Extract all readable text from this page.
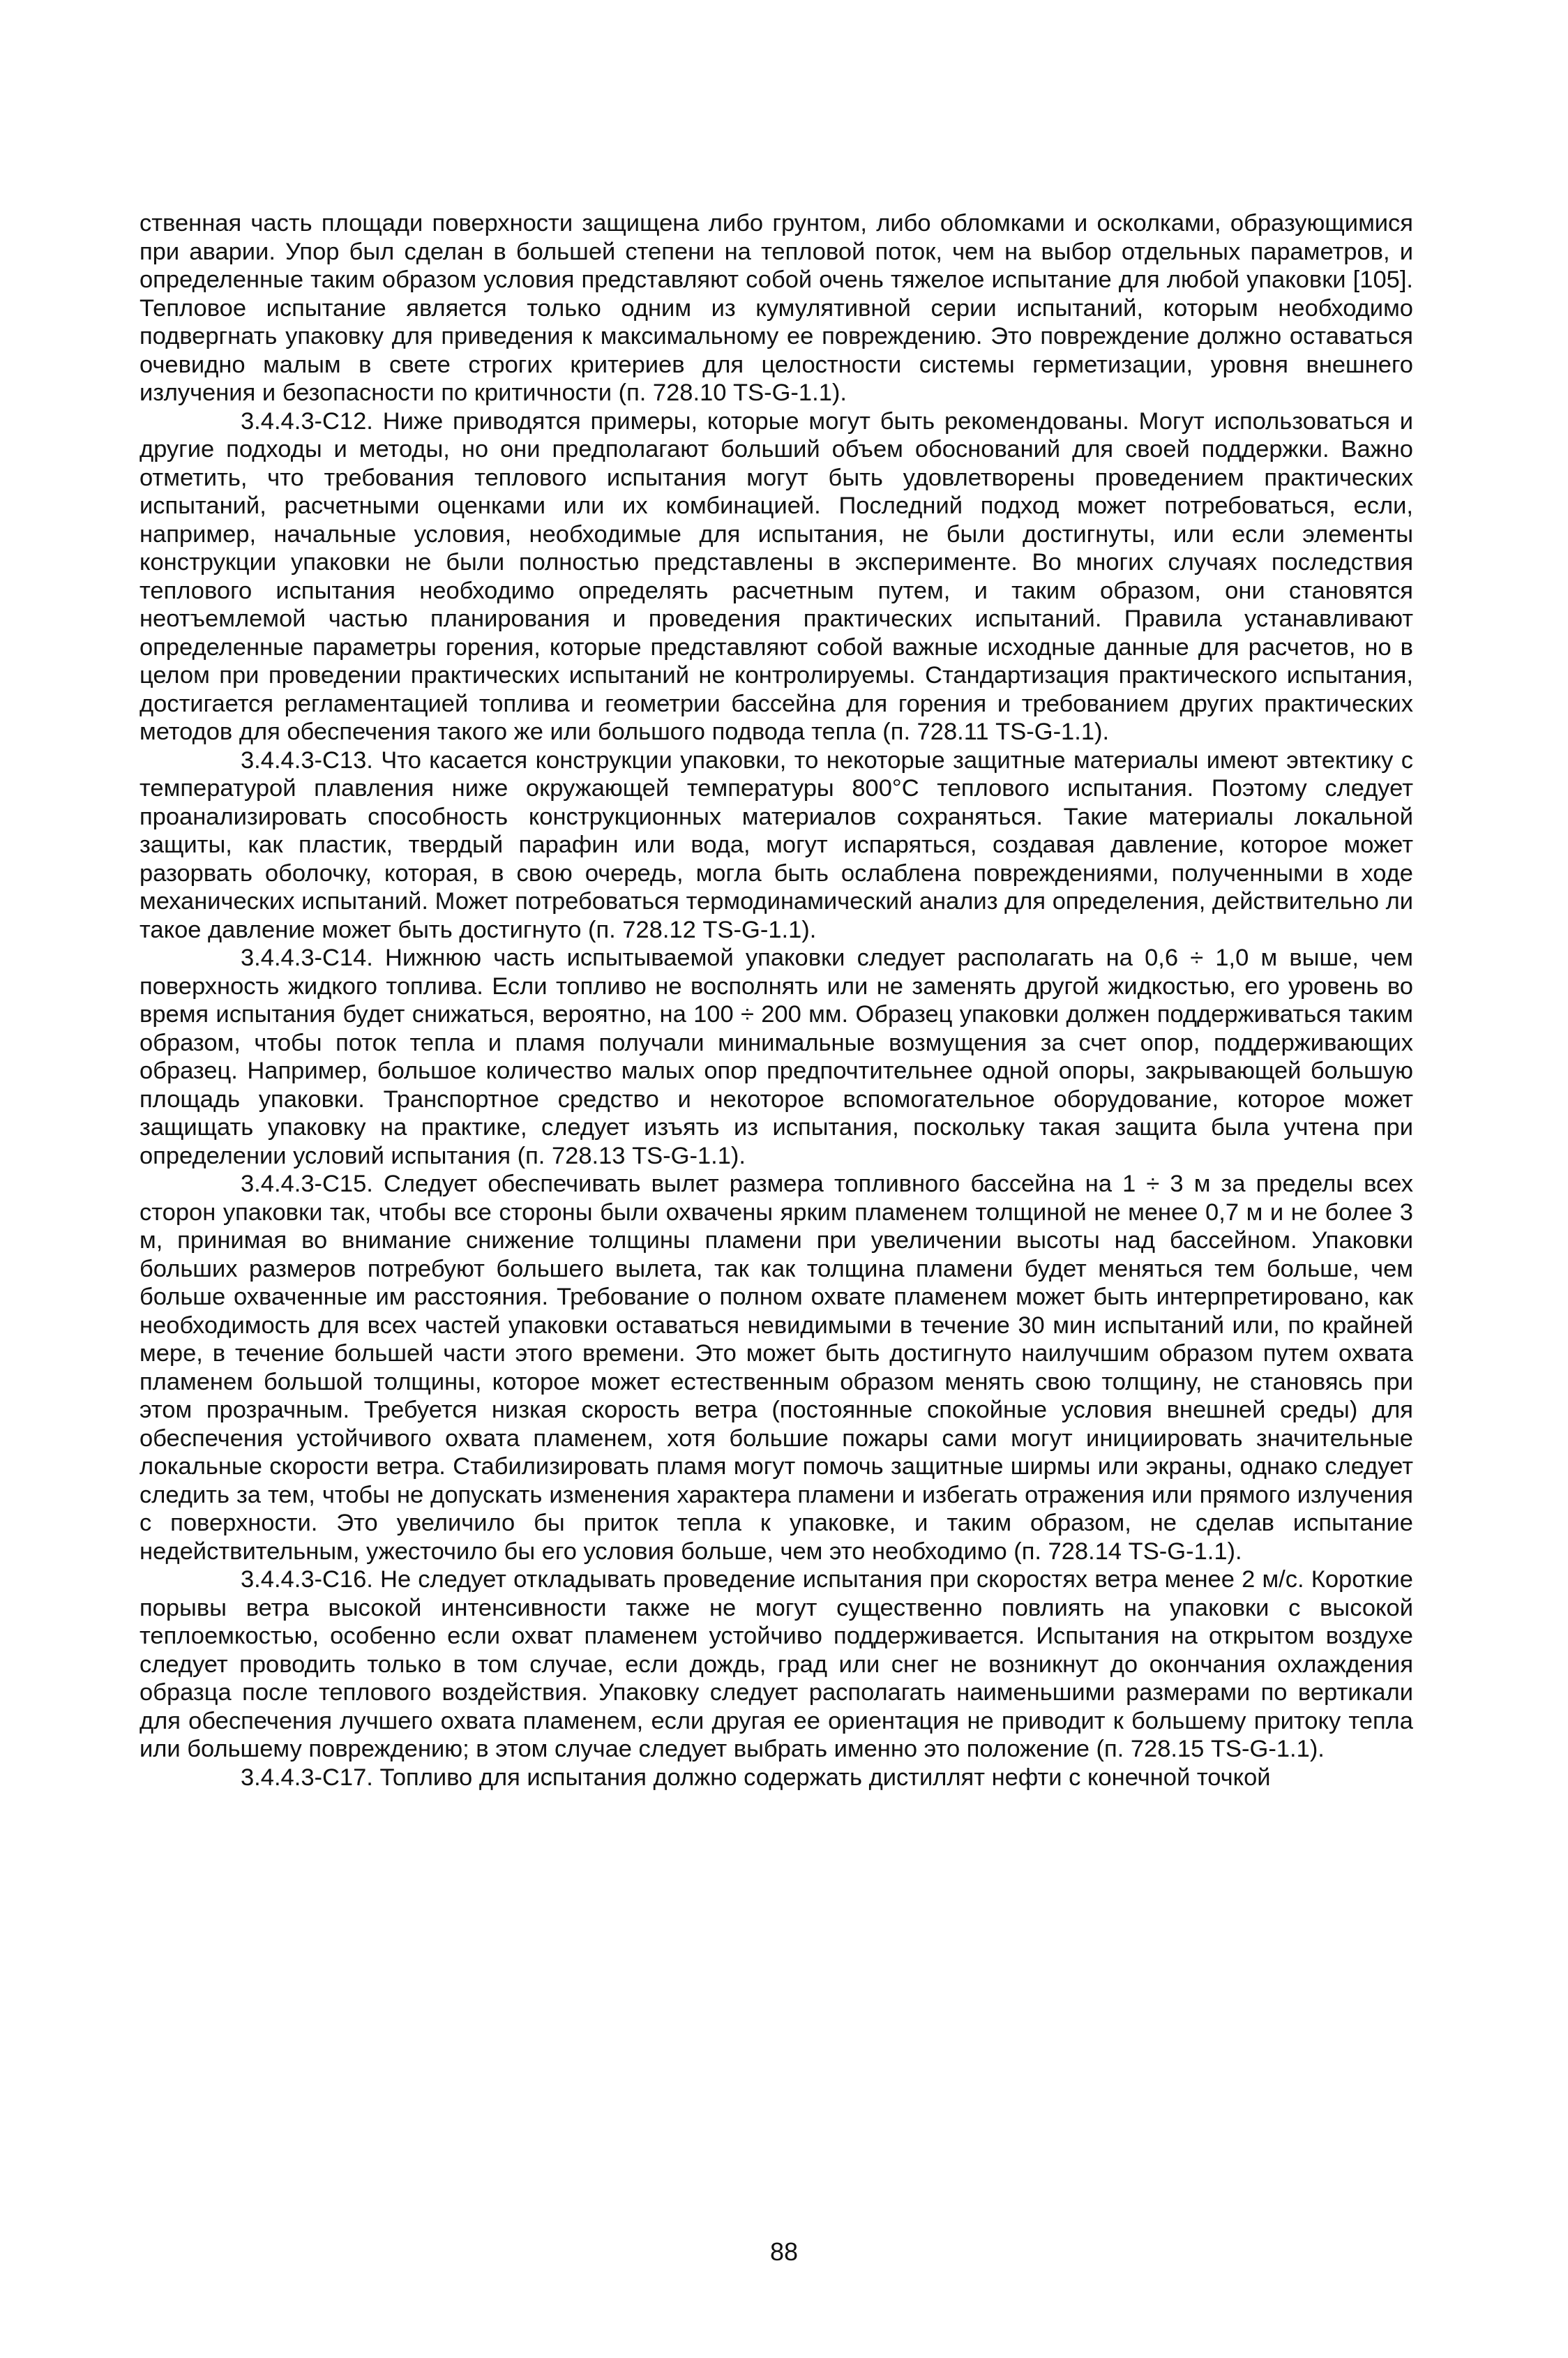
ственная часть площади поверхности защищена либо грунтом, либо обломками и осколками, образующимися при аварии. Упор был сделан в большей степени на тепловой поток, чем на выбор отдельных параметров, и определенные таким образом условия представляют собой очень тяжелое испытание для любой упаковки [105]. Тепловое испытание является только одним из кумулятивной серии испытаний, которым необходимо подвергнать упаковку для приведения к максимальному ее повреждению. Это повреждение должно оставаться очевидно малым в свете строгих критериев для целостности системы герметизации, уровня внешнего излучения и безопасности по критичности (п. 728.10 TS-G-1.1).

3.4.4.3-С12. Ниже приводятся примеры, которые могут быть рекомендованы. Могут использоваться и другие подходы и методы, но они предполагают больший объем обоснований для своей поддержки. Важно отметить, что требования теплового испытания могут быть удовлетворены проведением практических испытаний, расчетными оценками или их комбинацией. Последний подход может потребоваться, если, например, начальные условия, необходимые для испытания, не были достигнуты, или если элементы конструкции упаковки не были полностью представлены в эксперименте. Во многих случаях последствия теплового испытания необходимо определять расчетным путем, и таким образом, они становятся неотъемлемой частью планирования и проведения практических испытаний. Правила устанавливают определенные параметры горения, которые представляют собой важные исходные данные для расчетов, но в целом при проведении практических испытаний не контролируемы. Стандартизация практического испытания, достигается регламентацией топлива и геометрии бассейна для горения и требованием других практических методов для обеспечения такого же или большого подвода тепла (п. 728.11 TS-G-1.1).

3.4.4.3-С13. Что касается конструкции упаковки, то некоторые защитные материалы имеют эвтектику с температурой плавления ниже окружающей температуры 800°С теплового испытания. Поэтому следует проанализировать способность конструкционных материалов сохраняться. Такие материалы локальной защиты, как пластик, твердый парафин или вода, могут испаряться, создавая давление, которое может разорвать оболочку, которая, в свою очередь, могла быть ослаблена повреждениями, полученными в ходе механических испытаний. Может потребоваться термодинамический анализ для определения, действительно ли такое давление может быть достигнуто (п. 728.12 TS-G-1.1).

3.4.4.3-С14. Нижнюю часть испытываемой упаковки следует располагать на 0,6 ÷ 1,0 м выше, чем поверхность жидкого топлива. Если топливо не восполнять или не заменять другой жидкостью, его уровень во время испытания будет снижаться, вероятно, на 100 ÷ 200 мм. Образец упаковки должен поддерживаться таким образом, чтобы поток тепла и пламя получали минимальные возмущения за счет опор, поддерживающих образец. Например, большое количество малых опор предпочтительнее одной опоры, закрывающей большую площадь упаковки. Транспортное средство и некоторое вспомогательное оборудование, которое может защищать упаковку на практике, следует изъять из испытания, поскольку такая защита была учтена при определении условий испытания (п. 728.13 TS-G-1.1).

3.4.4.3-С15. Следует обеспечивать вылет размера топливного бассейна на 1 ÷ 3 м за пределы всех сторон упаковки так, чтобы все стороны были охвачены ярким пламенем толщиной не менее 0,7 м и не более 3 м, принимая во внимание снижение толщины пламени при увеличении высоты над бассейном. Упаковки больших размеров потребуют большего вылета, так как толщина пламени будет меняться тем больше, чем больше охваченные им расстояния. Требование о полном охвате пламенем может быть интерпретировано, как необходимость для всех частей упаковки оставаться невидимыми в течение 30 мин испытаний или, по крайней мере, в течение большей части этого времени. Это может быть достигнуто наилучшим образом путем охвата пламенем большой толщины, которое может естественным образом менять свою толщину, не становясь при этом прозрачным. Требуется низкая скорость ветра (постоянные спокойные условия внешней среды) для обеспечения устойчивого охвата пламенем, хотя большие пожары сами могут инициировать значительные локальные скорости ветра. Стабилизировать пламя могут помочь защитные ширмы или экраны, однако следует следить за тем, чтобы не допускать изменения характера пламени и избегать отражения или прямого излучения с поверхности. Это увеличило бы приток тепла к упаковке, и таким образом, не сделав испытание недействительным, ужесточило бы его условия больше, чем это необходимо (п. 728.14 TS-G-1.1).

3.4.4.3-С16. Не следует откладывать проведение испытания при скоростях ветра менее 2 м/с. Короткие порывы ветра высокой интенсивности также не могут существенно повлиять на упаковки с высокой теплоемкостью, особенно если охват пламенем устойчиво поддерживается. Испытания на открытом воздухе следует проводить только в том случае, если дождь, град или снег не возникнут до окончания охлаждения образца после теплового воздействия. Упаковку следует располагать наименьшими размерами по вертикали для обеспечения лучшего охвата пламенем, если другая ее ориентация не приводит к большему притоку тепла или большему повреждению; в этом случае следует выбрать именно это положение (п. 728.15 TS-G-1.1).

3.4.4.3-С17. Топливо для испытания должно содержать дистиллят нефти с конечной точкой

88
